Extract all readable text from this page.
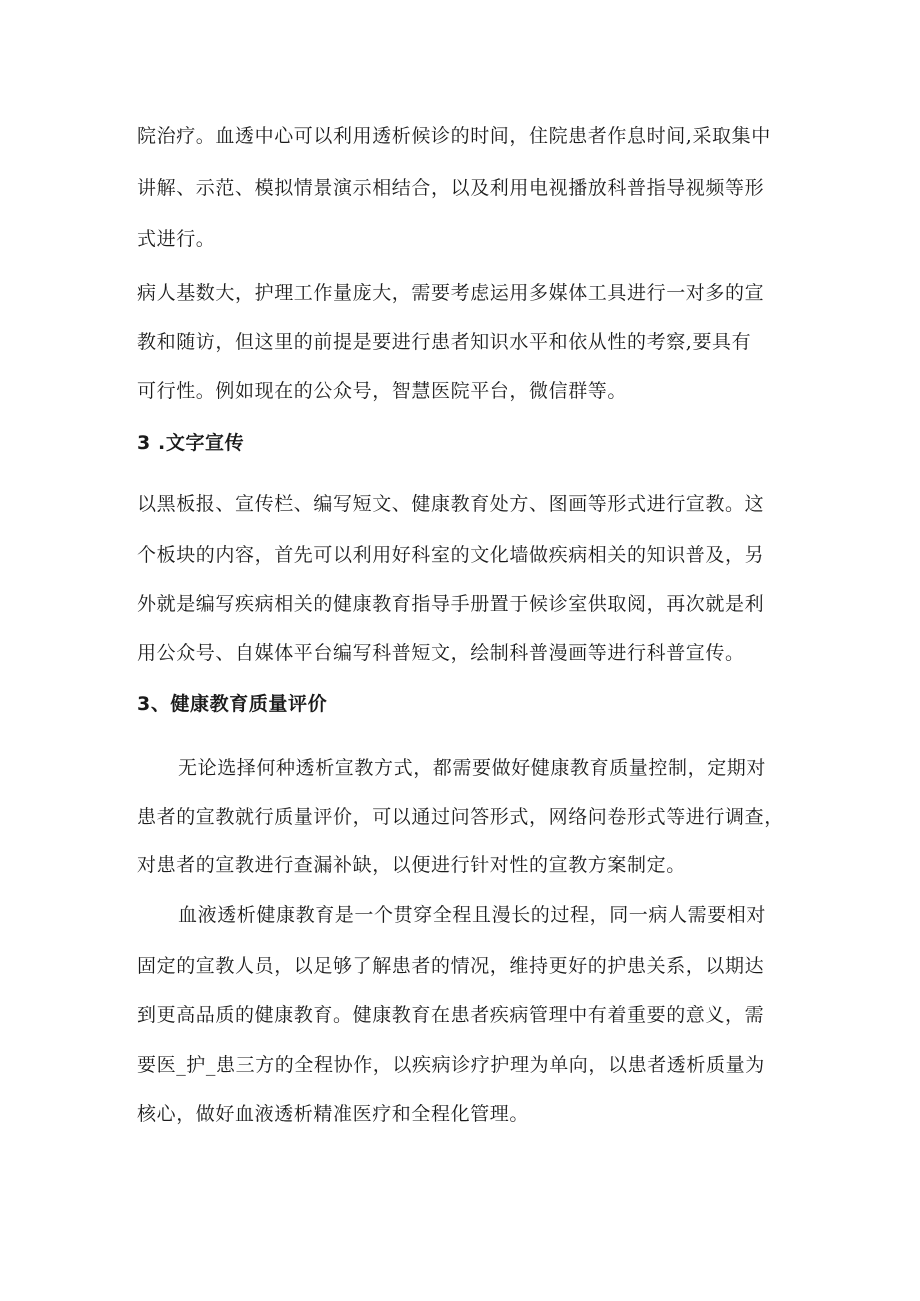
院治疗。血透中心可以利用透析候诊的时间，住院患者作息时间,采取集中
讲解、示范、模拟情景演示相结合，以及利用电视播放科普指导视频等形
式进行。
病人基数大，护理工作量庞大，需要考虑运用多媒体工具进行一对多的宣
教和随访，但这里的前提是要进行患者知识水平和依从性的考察,要具有
可行性。例如现在的公众号，智慧医院平台，微信群等。
3 .文字宣传
以黑板报、宣传栏、编写短文、健康教育处方、图画等形式进行宣教。这
个板块的内容，首先可以利用好科室的文化墙做疾病相关的知识普及，另
外就是编写疾病相关的健康教育指导手册置于候诊室供取阅，再次就是利
用公众号、自媒体平台编写科普短文，绘制科普漫画等进行科普宣传。
3、健康教育质量评价
无论选择何种透析宣教方式，都需要做好健康教育质量控制，定期对
患者的宣教就行质量评价，可以通过问答形式，网络问卷形式等进行调查，
对患者的宣教进行查漏补缺，以便进行针对性的宣教方案制定。
血液透析健康教育是一个贯穿全程且漫长的过程，同一病人需要相对
固定的宣教人员，以足够了解患者的情况，维持更好的护患关系，以期达
到更高品质的健康教育。健康教育在患者疾病管理中有着重要的意义，需
要医_护_患三方的全程协作，以疾病诊疗护理为单向，以患者透析质量为
核心，做好血液透析精准医疗和全程化管理。
